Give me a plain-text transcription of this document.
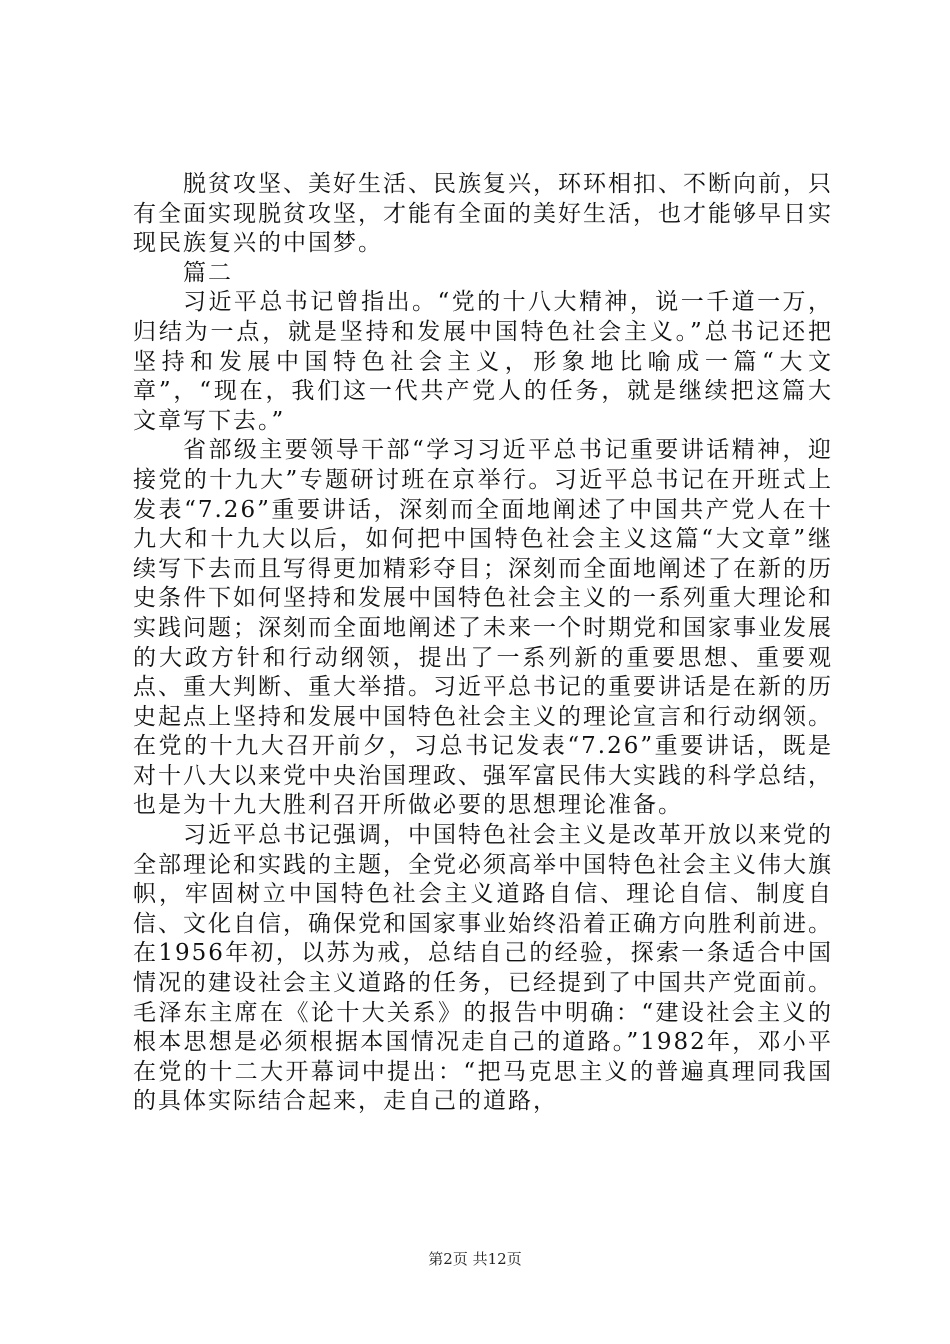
脱贫攻坚、美好生活、民族复兴，环环相扣、不断向前，只有全面实现脱贫攻坚，才能有全面的美好生活，也才能够早日实现民族复兴的中国梦。

篇二

习近平总书记曾指出。“党的十八大精神，说一千道一万，归结为一点，就是坚持和发展中国特色社会主义。”总书记还把坚持和发展中国特色社会主义，形象地比喻成一篇“大文章”，“现在，我们这一代共产党人的任务，就是继续把这篇大文章写下去。”

省部级主要领导干部“学习习近平总书记重要讲话精神，迎接党的十九大”专题研讨班在京举行。习近平总书记在开班式上发表“7.26”重要讲话，深刻而全面地阐述了中国共产党人在十九大和十九大以后，如何把中国特色社会主义这篇“大文章”继续写下去而且写得更加精彩夺目；深刻而全面地阐述了在新的历史条件下如何坚持和发展中国特色社会主义的一系列重大理论和实践问题；深刻而全面地阐述了未来一个时期党和国家事业发展的大政方针和行动纲领，提出了一系列新的重要思想、重要观点、重大判断、重大举措。习近平总书记的重要讲话是在新的历史起点上坚持和发展中国特色社会主义的理论宣言和行动纲领。在党的十九大召开前夕，习总书记发表“7.26”重要讲话，既是对十八大以来党中央治国理政、强军富民伟大实践的科学总结，也是为十九大胜利召开所做必要的思想理论准备。

习近平总书记强调，中国特色社会主义是改革开放以来党的全部理论和实践的主题，全党必须高举中国特色社会主义伟大旗帜，牢固树立中国特色社会主义道路自信、理论自信、制度自信、文化自信，确保党和国家事业始终沿着正确方向胜利前进。在1956年初，以苏为戒，总结自己的经验，探索一条适合中国情况的建设社会主义道路的任务，已经提到了中国共产党面前。毛泽东主席在《论十大关系》的报告中明确：“建设社会主义的根本思想是必须根据本国情况走自己的道路。”1982年，邓小平在党的十二大开幕词中提出：“把马克思主义的普遍真理同我国的具体实际结合起来，走自己的道路，

第2页 共12页
